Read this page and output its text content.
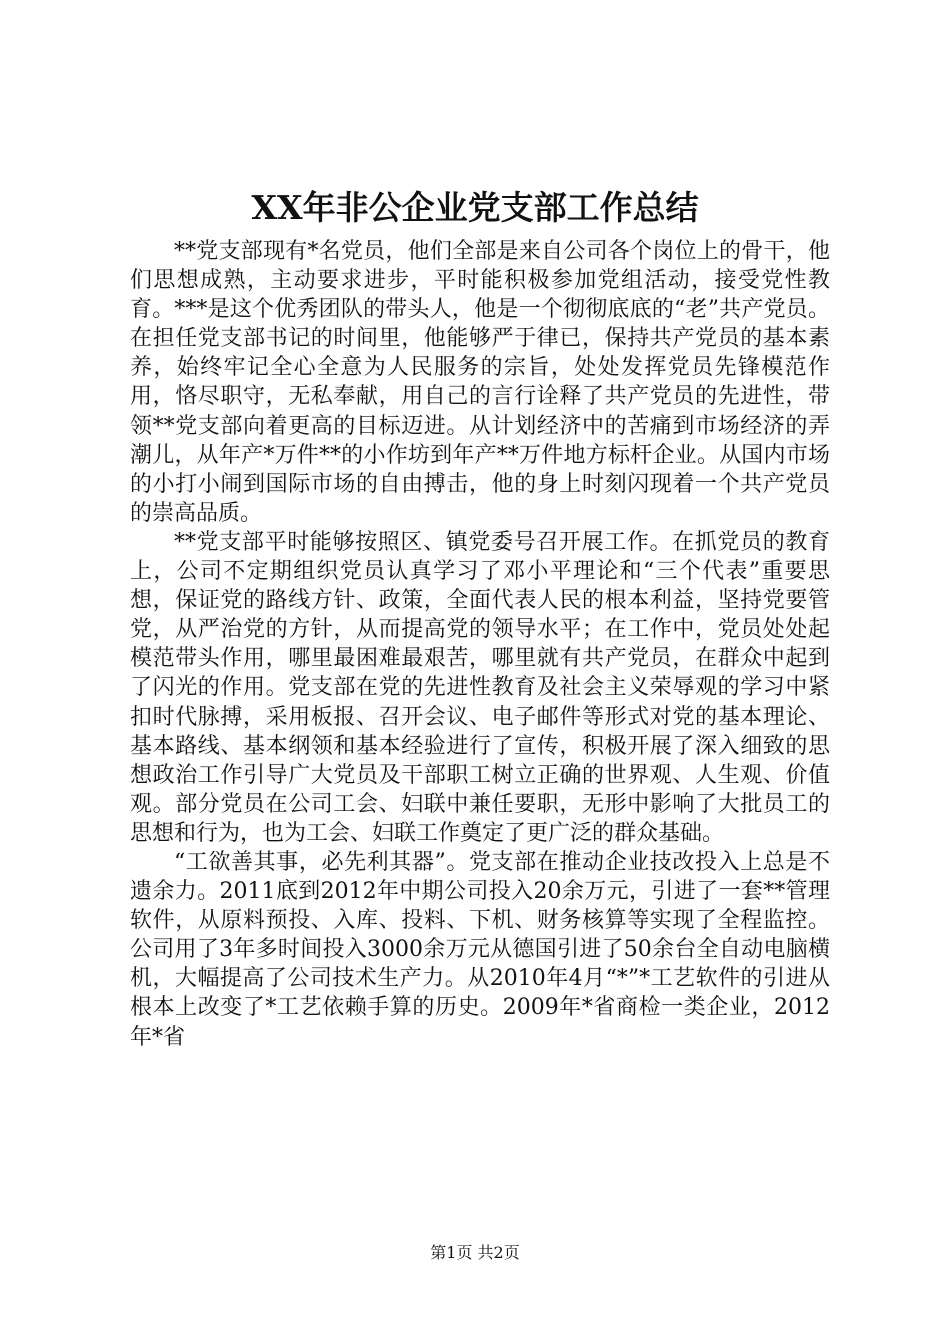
XX年非公企业党支部工作总结

**党支部现有*名党员，他们全部是来自公司各个岗位上的骨干，他们思想成熟，主动要求进步，平时能积极参加党组活动，接受党性教育。***是这个优秀团队的带头人，他是一个彻彻底底的“老”共产党员。在担任党支部书记的时间里，他能够严于律已，保持共产党员的基本素养，始终牢记全心全意为人民服务的宗旨，处处发挥党员先锋模范作用，恪尽职守，无私奉献，用自己的言行诠释了共产党员的先进性，带领**党支部向着更高的目标迈进。从计划经济中的苦痛到市场经济的弄潮儿，从年产*万件**的小作坊到年产**万件地方标杆企业。从国内市场的小打小闹到国际市场的自由搏击，他的身上时刻闪现着一个共产党员的崇高品质。

**党支部平时能够按照区、镇党委号召开展工作。在抓党员的教育上，公司不定期组织党员认真学习了邓小平理论和“三个代表”重要思想，保证党的路线方针、政策，全面代表人民的根本利益，坚持党要管党，从严治党的方针，从而提高党的领导水平；在工作中，党员处处起模范带头作用，哪里最困难最艰苦，哪里就有共产党员，在群众中起到了闪光的作用。党支部在党的先进性教育及社会主义荣辱观的学习中紧扣时代脉搏，采用板报、召开会议、电子邮件等形式对党的基本理论、基本路线、基本纲领和基本经验进行了宣传，积极开展了深入细致的思想政治工作引导广大党员及干部职工树立正确的世界观、人生观、价值观。部分党员在公司工会、妇联中兼任要职，无形中影响了大批员工的思想和行为，也为工会、妇联工作奠定了更广泛的群众基础。

“工欲善其事，必先利其器”。党支部在推动企业技改投入上总是不遗余力。2011底到2012年中期公司投入20余万元，引进了一套**管理软件，从原料预投、入库、投料、下机、财务核算等实现了全程监控。公司用了3年多时间投入3000余万元从德国引进了50余台全自动电脑横机，大幅提高了公司技术生产力。从2010年4月“*”*工艺软件的引进从根本上改变了*工艺依赖手算的历史。2009年*省商检一类企业，2012年*省

第1页 共2页
